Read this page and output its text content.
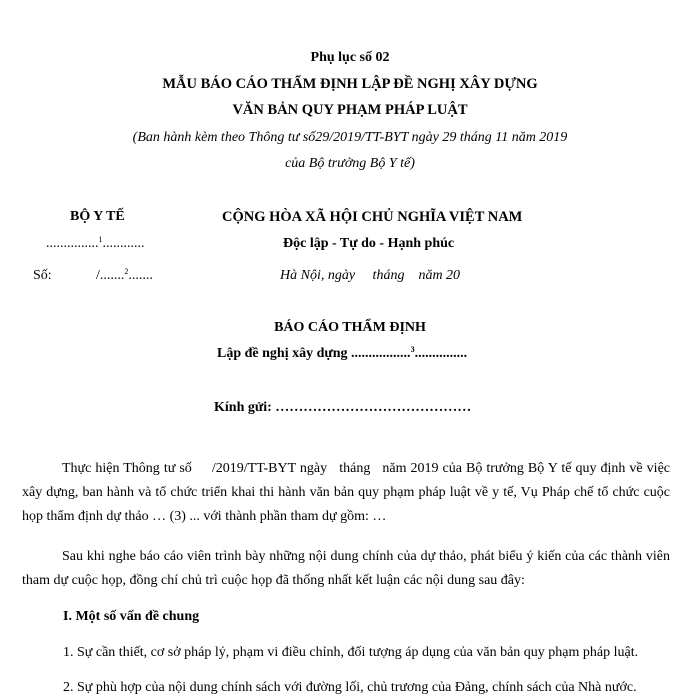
Phụ lục số 02
MẪU BÁO CÁO THẨM ĐỊNH LẬP ĐỀ NGHỊ XÂY DỰNG
VĂN BẢN QUY PHẠM PHÁP LUẬT
(Ban hành kèm theo Thông tư số29/2019/TT-BYT ngày 29 tháng 11 năm 2019
của Bộ trưởng Bộ Y tế)
BỘ Y TẾ
...............$^1$............
Số:	/.......$^2$.......
CỘNG HÒA XÃ HỘI CHỦ NGHĨA VIỆT NAM
Độc lập - Tự do - Hạnh phúc
Hà Nội, ngày     tháng    năm 20
BÁO CÁO THẨM ĐỊNH
Lập đề nghị xây dựng .................$^3$...............
Kính gửi: ……………………………………
Thực hiện Thông tư số     /2019/TT-BYT ngày   tháng   năm 2019 của Bộ trưởng Bộ Y tế quy định về việc xây dựng, ban hành và tổ chức triển khai thi hành văn bản quy phạm pháp luật về y tế, Vụ Pháp chế tổ chức cuộc họp thẩm định dự thảo … (3) ... với thành phần tham dự gồm: …
Sau khi nghe báo cáo viên trình bày những nội dung chính của dự thảo, phát biểu ý kiến của các thành viên tham dự cuộc họp, đồng chí chủ trì cuộc họp đã thống nhất kết luận các nội dung sau đây:
I. Một số vấn đề chung
1. Sự cần thiết, cơ sở pháp lý, phạm vi điều chỉnh, đối tượng áp dụng của văn bản quy phạm pháp luật.
2. Sự phù hợp của nội dung chính sách với đường lối, chủ trương của Đảng, chính sách của Nhà nước.
